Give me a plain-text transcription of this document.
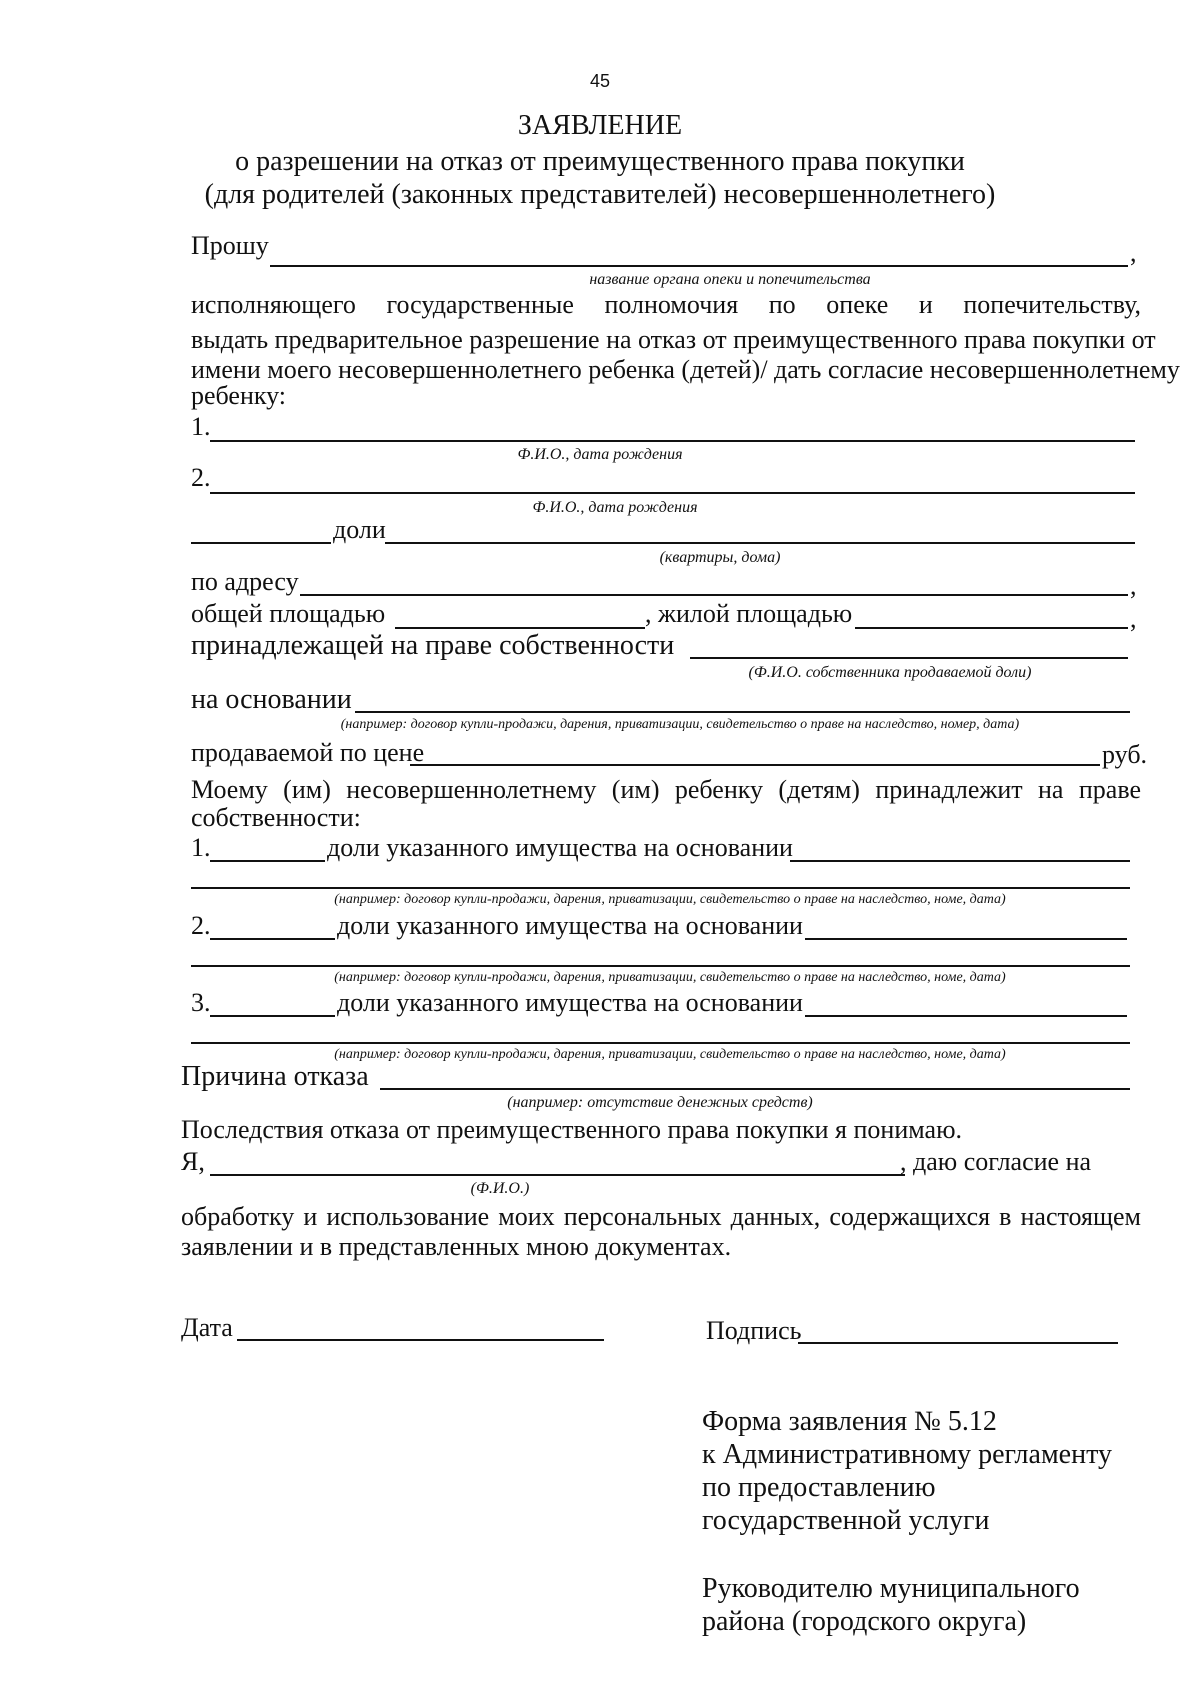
45
ЗАЯВЛЕНИЕ
о разрешении на отказ от преимущественного права покупки
(для родителей (законных представителей) несовершеннолетнего)
Прошу	,
название органа опеки и попечительства
исполняющего государственные полномочия по опеке и попечительству,
выдать предварительное разрешение на отказ от преимущественного права покупки от
имени моего несовершеннолетнего ребенка (детей)/ дать согласие несовершеннолетнему
ребенку:
1.
Ф.И.О., дата рождения
2.
Ф.И.О., дата рождения
доли
(квартиры, дома)
по адресу	,
общей площадью	, жилой площадью	,
принадлежащей на праве собственности
(Ф.И.О. собственника продаваемой доли)
на основании
(например: договор купли-продажи, дарения, приватизации, свидетельство о праве на наследство, номер, дата)
продаваемой по цене	руб.
Моему (им) несовершеннолетнему (им) ребенку (детям) принадлежит на праве
собственности:
1.	доли указанного имущества на основании
(например: договор купли-продажи, дарения, приватизации, свидетельство о праве на наследство, номе, дата)
2.	доли указанного имущества на основании
(например: договор купли-продажи, дарения, приватизации, свидетельство о праве на наследство, номе, дата)
3.	доли указанного имущества на основании
(например: договор купли-продажи, дарения, приватизации, свидетельство о праве на наследство, номе, дата)
Причина отказа
(например: отсутствие денежных средств)
Последствия отказа от преимущественного права покупки я понимаю.
Я,	, даю согласие на
(Ф.И.О.)
обработку и использование моих персональных данных, содержащихся в настоящем
заявлении и в представленных мною документах.
Дата	Подпись
Форма заявления № 5.12
к Административному регламенту
по предоставлению
государственной услуги
Руководителю муниципального
района (городского округа)
